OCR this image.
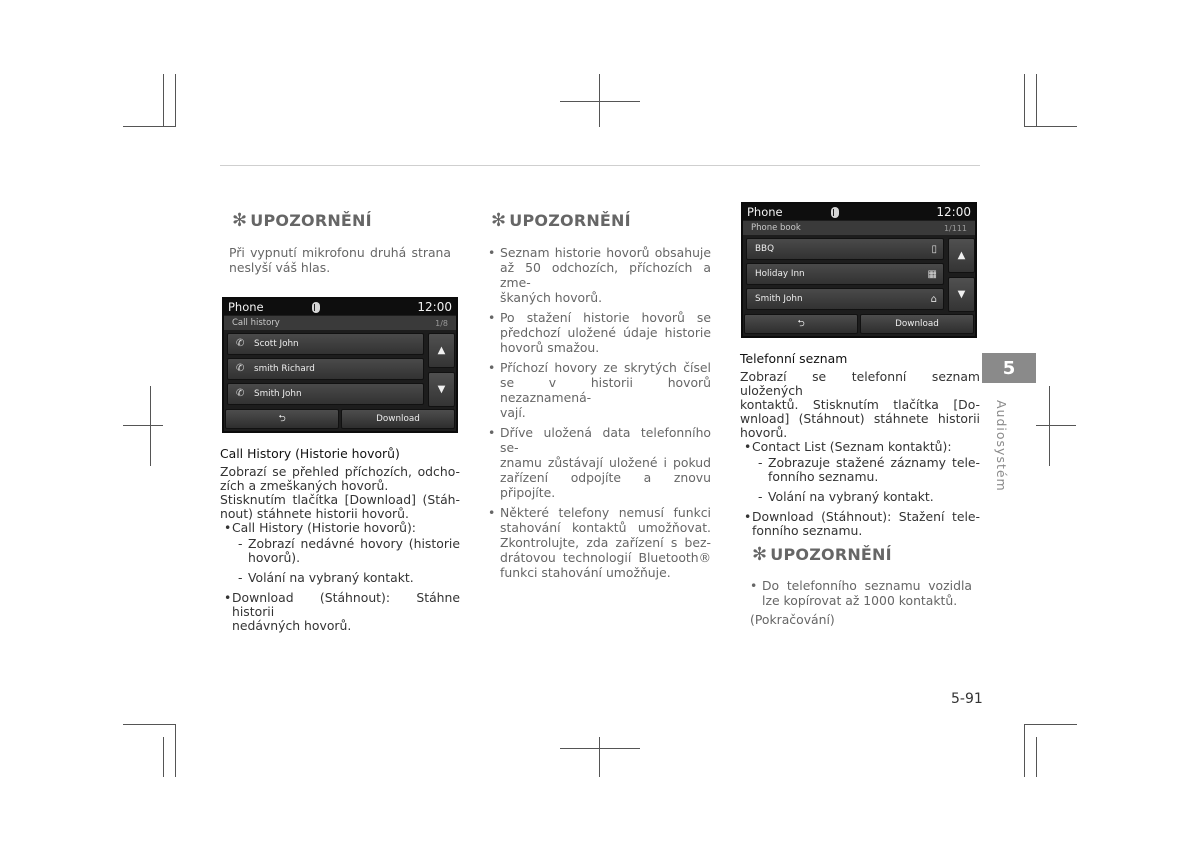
✻ UPOZORNĚNÍ

Při vypnutí mikrofonu druhá strana

neslyší váš hlas.

Phone	12:00
Call history	1/8
✆	Scott John
✆	smith Richard
✆	Smith John
▲
▼
⮌	Download

Call History (Historie hovorů)

Zobrazí se přehled příchozích, odcho-

zích a zmeškaných hovorů.

Stisknutím tlačítka [Download] (Stáh-

nout) stáhnete historii hovorů.

• Call History (Historie hovorů):
- Zobrazí nedávné hovory (historie

hovorů).

- Volání na vybraný kontakt.
• Download (Stáhnout): Stáhne historii

nedávných hovorů.

✻ UPOZORNĚNÍ
• Seznam historie hovorů obsahuje

až 50 odchozích, příchozích a zme-

škaných hovorů.

• Po stažení historie hovorů se

předchozí uložené údaje historie

hovorů smažou.

• Příchozí hovory ze skrytých čísel

se v historii hovorů nezaznamená-

vají.

• Dříve uložená data telefonního se-

znamu zůstávají uložené i pokud

zařízení odpojíte a znovu připojíte.

• Některé telefony nemusí funkci

stahování kontaktů umožňovat.

Zkontrolujte, zda zařízení s bez-

drátovou technologií Bluetooth®

funkci stahování umožňuje.

Phone	12:00
Phone book	1/111
BBQ	▯
Holiday Inn	▦
Smith John	⌂
▲
▼
⮌	Download

Telefonní seznam

Zobrazí se telefonní seznam uložených

kontaktů. Stisknutím tlačítka [Do-

wnload] (Stáhnout) stáhnete historii

hovorů.

• Contact List (Seznam kontaktů):
- Zobrazuje stažené záznamy tele-

fonního seznamu.

- Volání na vybraný kontakt.
• Download (Stáhnout): Stažení tele-

fonního seznamu.

✻ UPOZORNĚNÍ
• Do telefonního seznamu vozidla

lze kopírovat až 1000 kontaktů.

(Pokračování)

5
Audiosystém
5-91
